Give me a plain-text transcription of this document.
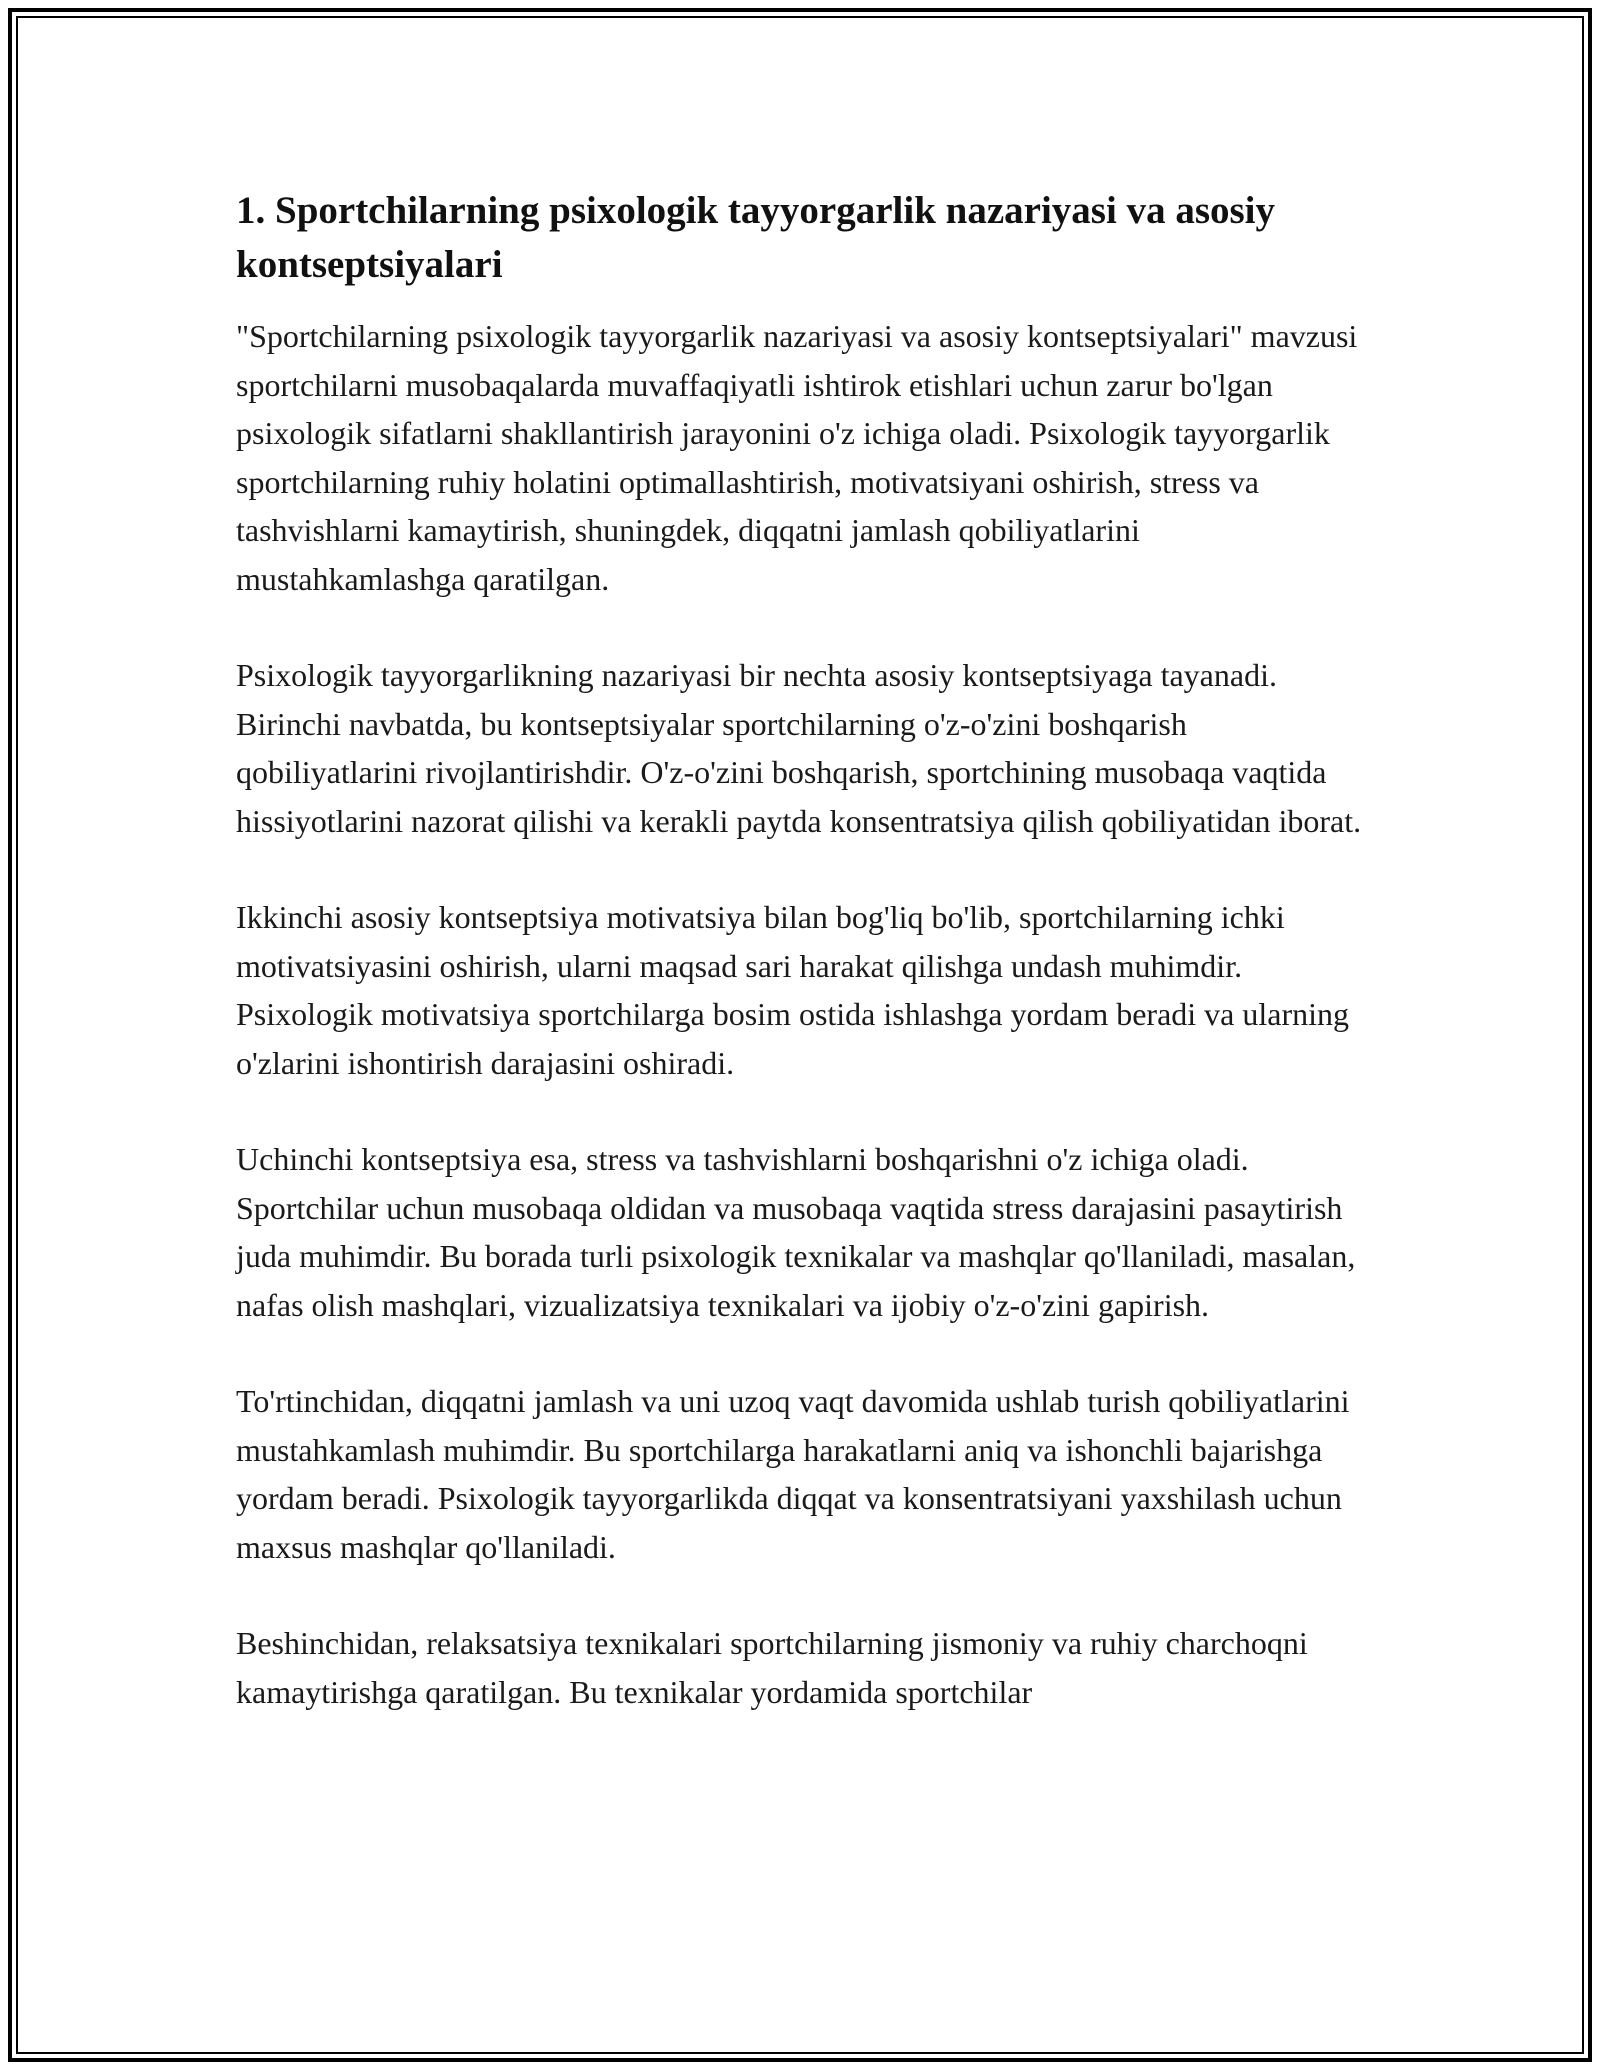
1. Sportchilarning psixologik tayyorgarlik nazariyasi va asosiy kontseptsiyalari

"Sportchilarning psixologik tayyorgarlik nazariyasi va asosiy kontseptsiyalari" mavzusi sportchilarni musobaqalarda muvaffaqiyatli ishtirok etishlari uchun zarur bo'lgan psixologik sifatlarni shakllantirish jarayonini o'z ichiga oladi. Psixologik tayyorgarlik sportchilarning ruhiy holatini optimallashtirish, motivatsiyani oshirish, stress va tashvishlarni kamaytirish, shuningdek, diqqatni jamlash qobiliyatlarini mustahkamlashga qaratilgan.

Psixologik tayyorgarlikning nazariyasi bir nechta asosiy kontseptsiyaga tayanadi. Birinchi navbatda, bu kontseptsiyalar sportchilarning o'z-o'zini boshqarish qobiliyatlarini rivojlantirishdir. O'z-o'zini boshqarish, sportchining musobaqa vaqtida hissiyotlarini nazorat qilishi va kerakli paytda konsentratsiya qilish qobiliyatidan iborat.

Ikkinchi asosiy kontseptsiya motivatsiya bilan bog'liq bo'lib, sportchilarning ichki motivatsiyasini oshirish, ularni maqsad sari harakat qilishga undash muhimdir. Psixologik motivatsiya sportchilarga bosim ostida ishlashga yordam beradi va ularning o'zlarini ishontirish darajasini oshiradi.

Uchinchi kontseptsiya esa, stress va tashvishlarni boshqarishni o'z ichiga oladi. Sportchilar uchun musobaqa oldidan va musobaqa vaqtida stress darajasini pasaytirish juda muhimdir. Bu borada turli psixologik texnikalar va mashqlar qo'llaniladi, masalan, nafas olish mashqlari, vizualizatsiya texnikalari va ijobiy o'z-o'zini gapirish.

To'rtinchidan, diqqatni jamlash va uni uzoq vaqt davomida ushlab turish qobiliyatlarini mustahkamlash muhimdir. Bu sportchilarga harakatlarni aniq va ishonchli bajarishga yordam beradi. Psixologik tayyorgarlikda diqqat va konsentratsiyani yaxshilash uchun maxsus mashqlar qo'llaniladi.

Beshinchidan, relaksatsiya texnikalari sportchilarning jismoniy va ruhiy charchoqni kamaytirishga qaratilgan. Bu texnikalar yordamida sportchilar
